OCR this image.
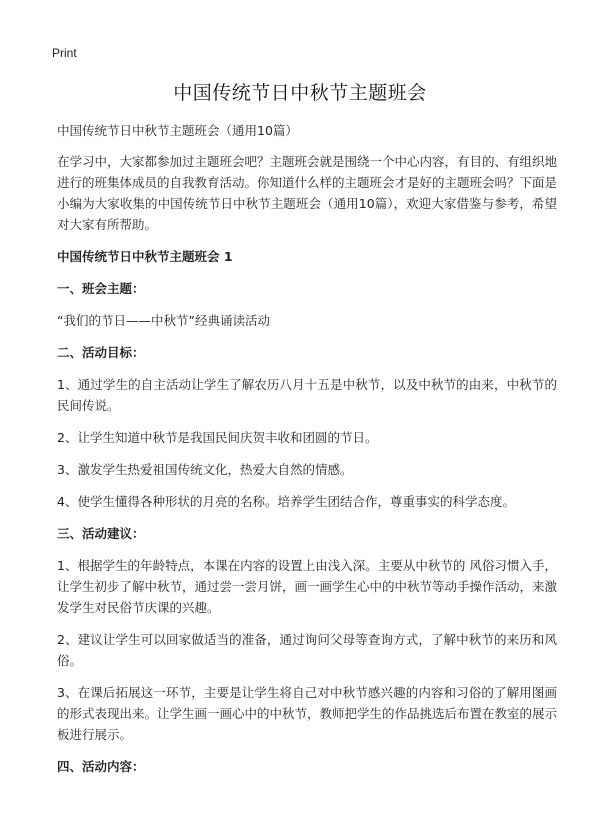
Print
中国传统节日中秋节主题班会

中国传统节日中秋节主题班会（通用10篇）

在学习中，大家都参加过主题班会吧？主题班会就是围绕一个中心内容，有目的、有组织地进行的班集体成员的自我教育活动。你知道什么样的主题班会才是好的主题班会吗？下面是小编为大家收集的中国传统节日中秋节主题班会（通用10篇），欢迎大家借鉴与参考，希望对大家有所帮助。

中国传统节日中秋节主题班会 1

一、班会主题：

“我们的节日——中秋节”经典诵读活动

二、活动目标：

1、通过学生的自主活动让学生了解农历八月十五是中秋节，以及中秋节的由来，中秋节的民间传说。

2、让学生知道中秋节是我国民间庆贺丰收和团圆的节日。

3、激发学生热爱祖国传统文化，热爱大自然的情感。

4、使学生懂得各种形状的月亮的名称。培养学生团结合作，尊重事实的科学态度。

三、活动建议：

1、根据学生的年龄特点，本课在内容的设置上由浅入深。主要从中秋节的 风俗习惯入手，让学生初步了解中秋节，通过尝一尝月饼，画一画学生心中的中秋节等动手操作活动，来激发学生对民俗节庆课的兴趣。

2、建议让学生可以回家做适当的准备，通过询问父母等查询方式，了解中秋节的来历和风俗。

3、在课后拓展这一环节，主要是让学生将自己对中秋节感兴趣的内容和习俗的了解用图画的形式表现出来。让学生画一画心中的中秋节，教师把学生的作品挑选后布置在教室的展示板进行展示。

四、活动内容：
